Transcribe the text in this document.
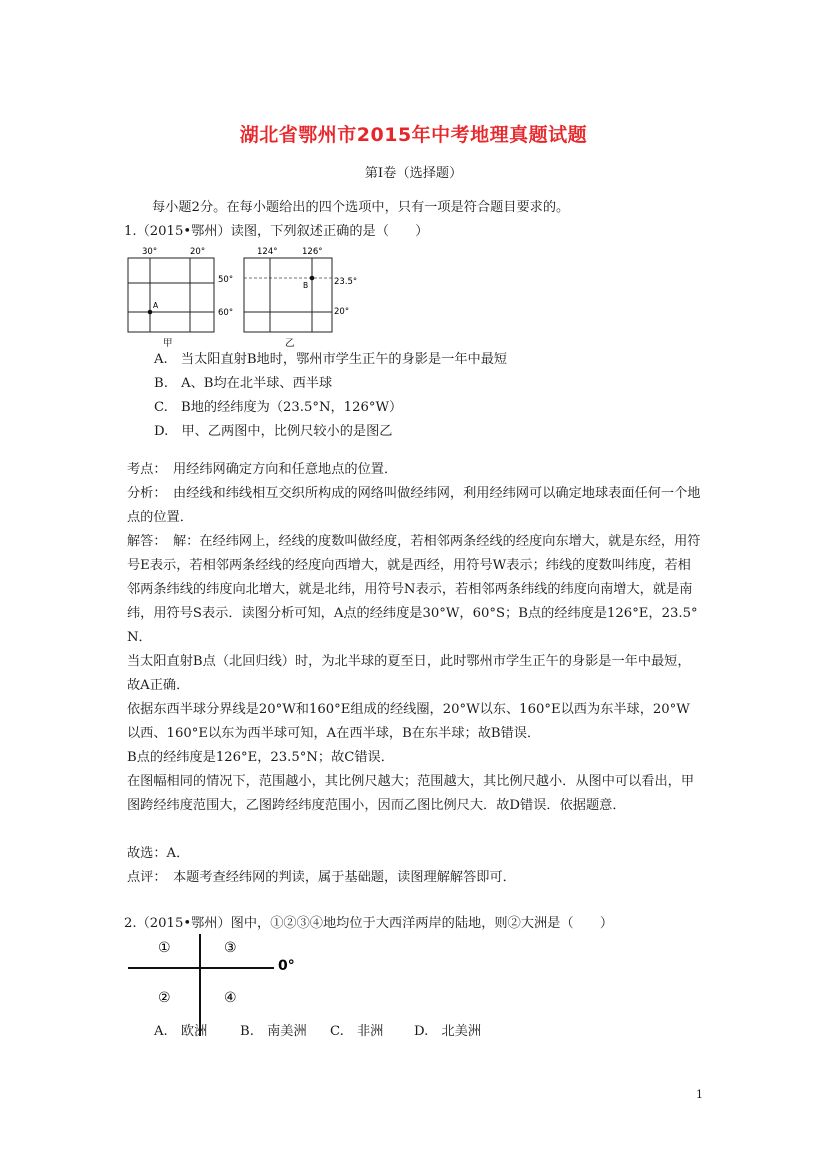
湖北省鄂州市2015年中考地理真题试题
第Ⅰ卷（选择题）
每小题2分。在每小题给出的四个选项中，只有一项是符合题目要求的。
1.（2015•鄂州）读图，下列叙述正确的是（　　）
30°	20°
50°
60°
A
甲
124°	126°
23.5°
20°
B
乙
A.　当太阳直射B地时，鄂州市学生正午的身影是一年中最短
B.　A、B均在北半球、西半球
C.　B地的经纬度为（23.5°N，126°W）
D.　甲、乙两图中，比例尺较小的是图乙
考点： 用经纬网确定方向和任意地点的位置．
分析： 由经线和纬线相互交织所构成的网络叫做经纬网，利用经纬网可以确定地球表面任何一个地点的位置．
解答： 解：在经纬网上，经线的度数叫做经度，若相邻两条经线的经度向东增大，就是东经，用符号E表示，若相邻两条经线的经度向西增大，就是西经，用符号W表示；纬线的度数叫纬度，若相邻两条纬线的纬度向北增大，就是北纬，用符号N表示，若相邻两条纬线的纬度向南增大，就是南纬，用符号S表示．读图分析可知，A点的经纬度是30°W，60°S；B点的经纬度是126°E，23.5°N．
当太阳直射B点（北回归线）时，为北半球的夏至日，此时鄂州市学生正午的身影是一年中最短，故A正确．
依据东西半球分界线是20°W和160°E组成的经线圈，20°W以东、160°E以西为东半球，20°W以西、160°E以东为西半球可知，A在西半球，B在东半球；故B错误．
B点的经纬度是126°E，23.5°N；故C错误．
在图幅相同的情况下，范围越小，其比例尺越大；范围越大，其比例尺越小．从图中可以看出，甲图跨经纬度范围大，乙图跨经纬度范围小，因而乙图比例尺大．故D错误．依据题意．
故选：A．
点评： 本题考查经纬网的判读，属于基础题，读图理解解答即可．
2.（2015•鄂州）图中，①②③④地均位于大西洋两岸的陆地，则②大洲是（　　）
0°
①	③
②	④
A.　欧洲 B.　南美洲 C.　非洲 D.　北美洲
1
